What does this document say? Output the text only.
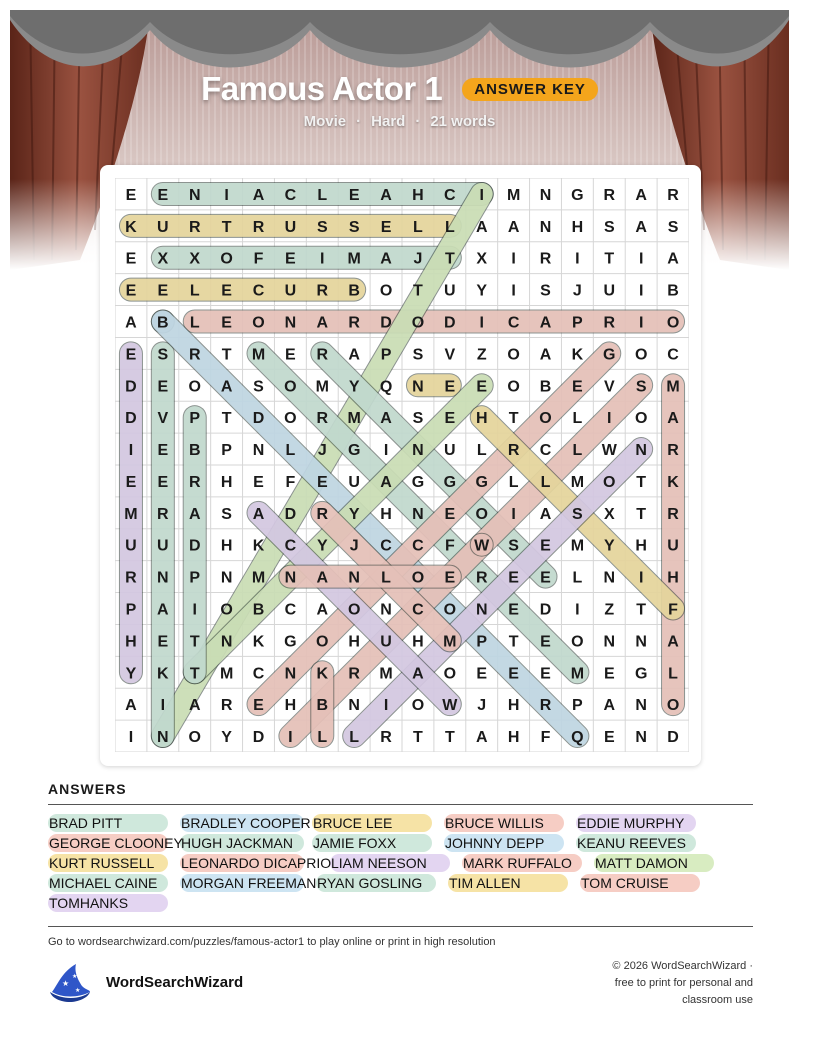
Famous Actor 1	ANSWER KEY
Movie · Hard · 21 words
E E N I A C L E A H C I M N G R A R
K U R T R U S S E L L A A N H S A S
E X X O F E I M A J T X I R I T I A
E E L E C U R B O T U Y I S J U I B
A B L E O N A R D O D I C A P R I O
E S R T M E R A P S V Z O A K G O C
D E O A S O M Y Q N E E O B E V S M
D V P T D O R M A S E H T O L I O A
I E B P N L J G I N U L R C L W N R
E E R H E F E U A G G G L L M O T K
M R A S A D R Y H N E O I A S X T R
U U D H K C Y J C C F W S E M Y H U
R N P N M N A N L O E R E E L N I H
P A I O B C A O N C O N E D I Z T F
H E T N K G O H U H M P T E O N N A
Y K T M C N K R M A O E E E M E G L
A I A R E H B N I O W J H R P A N O
I N O Y D I L L R T T A H F Q E N D
ANSWERS
BRAD PITT	BRADLEY COOPER BRUCE LEE	BRUCE WILLIS EDDIE MURPHY
GEORGE CLOONEY
HUGH JACKMAN JAMIE FOXX	JOHNNY DEPP KEANU REEVES
KURT RUSSELL LEONARDO DICAPRIO LIAM NEESON	MARK RUFFALO MATT DAMON
MICHAEL CAINE MORGAN FREEMAN RYAN GOSLING TIM ALLEN	TOM CRUISE
TOMHANKS
Go to wordsearchwizard.com/puzzles/famous-actor1 to play online or print in high resolution
★
★
★ WordSearchWizard
© 2026 WordSearchWizard ·
free to print for personal and
classroom use
